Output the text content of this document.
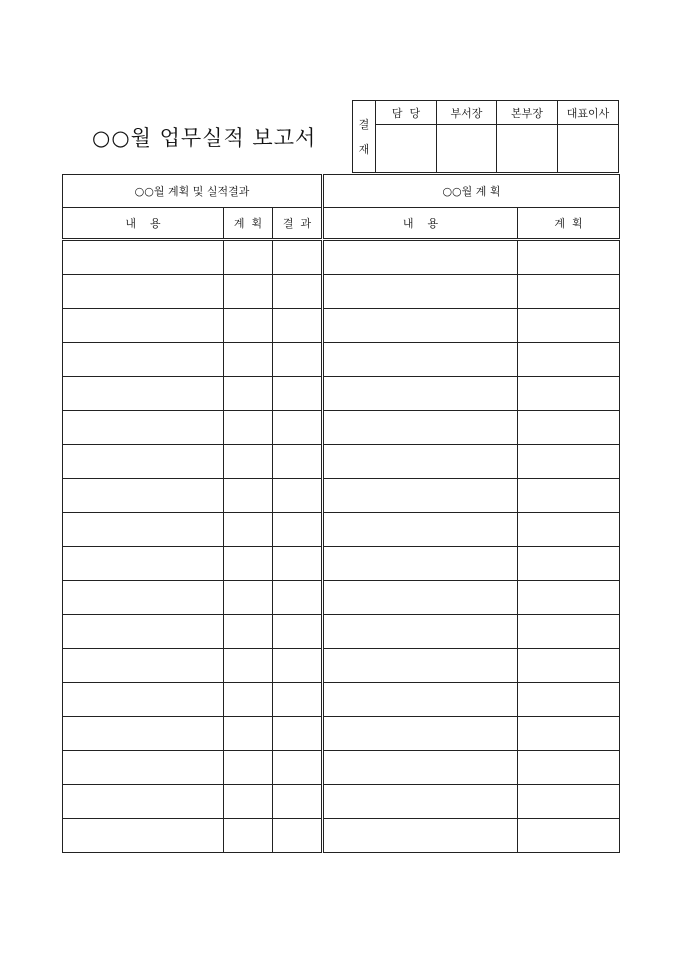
○○월 업무실적 보고서
결
재	담  당	부서장	본부장	대표이사

○○월 계획 및 실적결과		
내    용	계  획	결  과

○○월 계 획	
내    용	계  획
